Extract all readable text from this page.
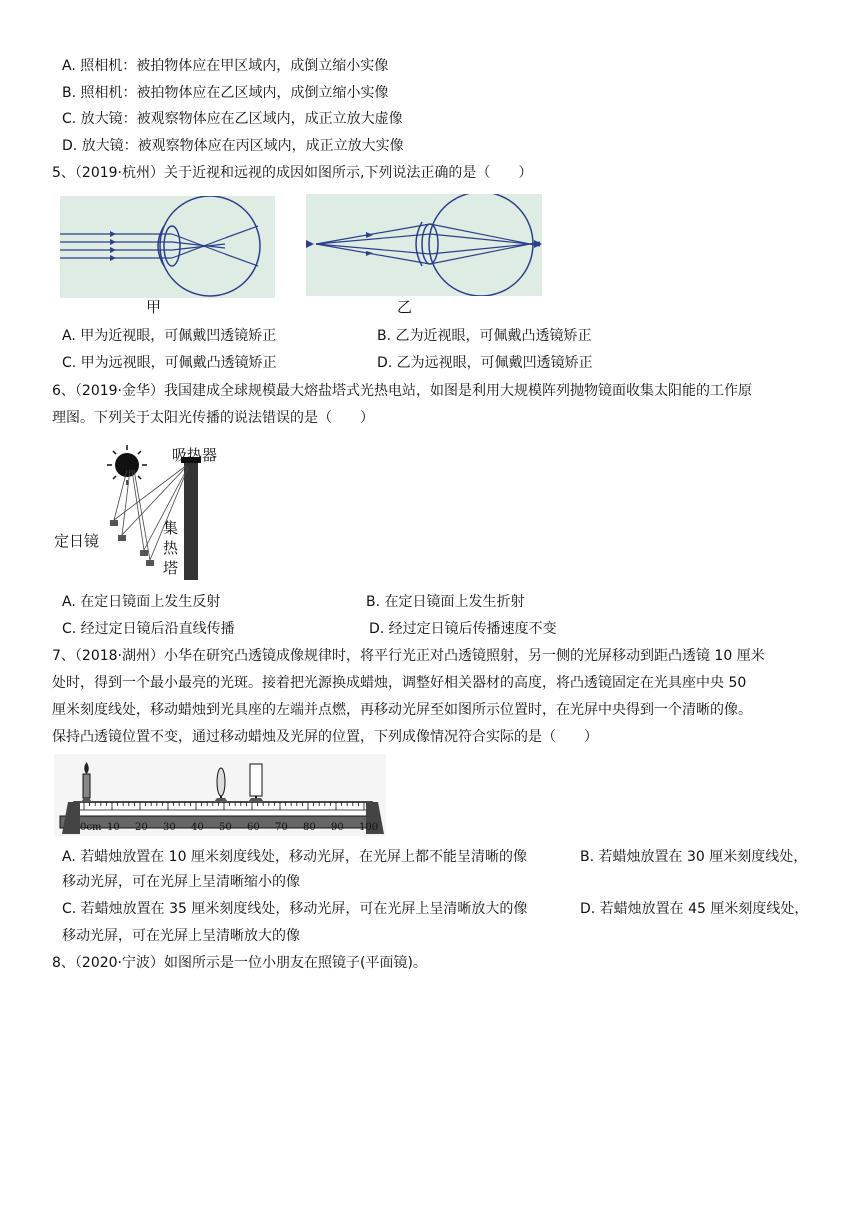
A. 照相机：被拍物体应在甲区域内，成倒立缩小实像
B. 照相机：被拍物体应在乙区域内，成倒立缩小实像
C. 放大镜：被观察物体应在乙区域内，成正立放大虚像
D. 放大镜：被观察物体应在丙区域内，成正立放大实像
5、（2019·杭州）关于近视和远视的成因如图所示,下列说法正确的是（　　）
甲	乙
A. 甲为近视眼，可佩戴凹透镜矫正	B. 乙为近视眼，可佩戴凸透镜矫正
C. 甲为远视眼，可佩戴凸透镜矫正	D. 乙为远视眼，可佩戴凹透镜矫正
6、（2019·金华）我国建成全球规模最大熔盐塔式光热电站，如图是利用大规模阵列抛物镜面收集太阳能的工作原
理图。下列关于太阳光传播的说法错误的是（　　）
吸热器
定日镜
集
热
塔
A. 在定日镜面上发生反射	B. 在定日镜面上发生折射
C. 经过定日镜后沿直线传播	D. 经过定日镜后传播速度不变
7、（2018·湖州）小华在研究凸透镜成像规律时，将平行光正对凸透镜照射，另一侧的光屏移动到距凸透镜 10 厘米
处时，得到一个最小最亮的光斑。接着把光源换成蜡烛，调整好相关器材的高度，将凸透镜固定在光具座中央 50
厘米刻度线处，移动蜡烛到光具座的左端并点燃，再移动光屏至如图所示位置时，在光屏中央得到一个清晰的像。
保持凸透镜位置不变，通过移动蜡烛及光屏的位置，下列成像情况符合实际的是（　　）
0cm 10 20 30 40 50 60 70 80 90 100
A. 若蜡烛放置在 10 厘米刻度线处，移动光屏，在光屏上都不能呈清晰的像	B. 若蜡烛放置在 30 厘米刻度线处，
移动光屏，可在光屏上呈清晰缩小的像
C. 若蜡烛放置在 35 厘米刻度线处，移动光屏，可在光屏上呈清晰放大的像	D. 若蜡烛放置在 45 厘米刻度线处，
移动光屏，可在光屏上呈清晰放大的像
8、（2020·宁波）如图所示是一位小朋友在照镜子(平面镜)。
